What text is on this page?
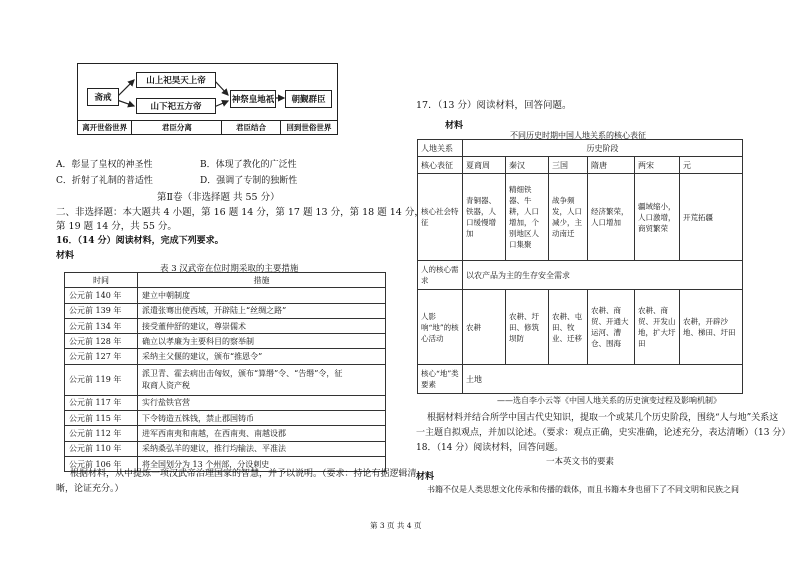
斋戒
山上祀昊天上帝
山下祀五方帝
神祭皇地祇	朝觐群臣
离开世俗世界	君臣分离	君臣结合	回到世俗世界
A．彰显了皇权的神圣性	B．体现了教化的广泛性
C．折射了礼制的普适性	D．强调了专制的独断性
第Ⅱ卷（非选择题 共 55 分）
二、非选择题：本大题共 4 小题，第 16 题 14 分，第 17 题 13 分，第 18 题 14 分，
第 19 题 14 分，共 55 分。
16．（14 分）阅读材料，完成下列要求。
材料
表 3 汉武帝在位时期采取的主要措施
时间	措施
公元前 140 年	建立中朝制度
公元前 139 年	派遣张骞出使西域，开辟陆上“丝绸之路”
公元前 134 年	接受董仲舒的建议，尊崇儒术
公元前 128 年	确立以孝廉为主要科目的察举制
公元前 127 年	采纳主父偃的建议，颁布“推恩令”
公元前 119 年	派卫青、霍去病出击匈奴，颁布“算缗”令、“告缗”令，征
取商人资产税

公元前 117 年	实行盐铁官营
公元前 115 年	下令铸造五铢钱，禁止郡国铸币
公元前 112 年	进军西南夷和南越，在西南夷、南越设郡
公元前 110 年	采纳桑弘羊的建议，推行均输法、平准法
公元前 106 年	将全国划分为 13 个州部，分设刺史
根据材料，从中提炼一项汉武帝治理国家的智慧，并予以说明。（要求：持论有据逻辑清
晰，论证充分。）
17．（13 分）阅读材料，回答问题。
材料
不同历史时期中国人地关系的核心表征
人地关系	历史阶段					
核心表征	夏商周	秦汉	三国	隋唐	两宋	元
核心社会特征	青铜器、铁器，人口缓慢增加	精细铁器、牛耕，人口增加，个别地区人口集聚	战争频发，人口减少，主动南迁	经济繁荣，人口增加	疆域缩小，人口激增，商贸繁荣	开荒拓疆
人的核心需求	以农产品为主的生存安全需求					
人影响“地”的核心活动	农耕	农耕、圩田、修筑坝防	农耕、屯田、牧业、迁移	农耕、商贸、开通大运河、漕仓、围海	农耕、商贸、开发山地，扩大圩田	农耕，开辟沙地、梯田、圩田
核心“地”类要素	土地					
——选自李小云等《中国人地关系的历史演变过程及影响机制》
根据材料并结合所学中国古代史知识，提取一个或某几个历史阶段，围绕“人与地”关系这
一主题自拟观点，并加以论述。（要求：观点正确，史实准确，论述充分，表达清晰）（13 分）
18．（14 分）阅读材料，回答问题。
一本英文书的要素
材料
书籍不仅是人类思想文化传承和传播的载体，而且书籍本身也留下了不同文明和民族之间
第 3 页 共 4 页
